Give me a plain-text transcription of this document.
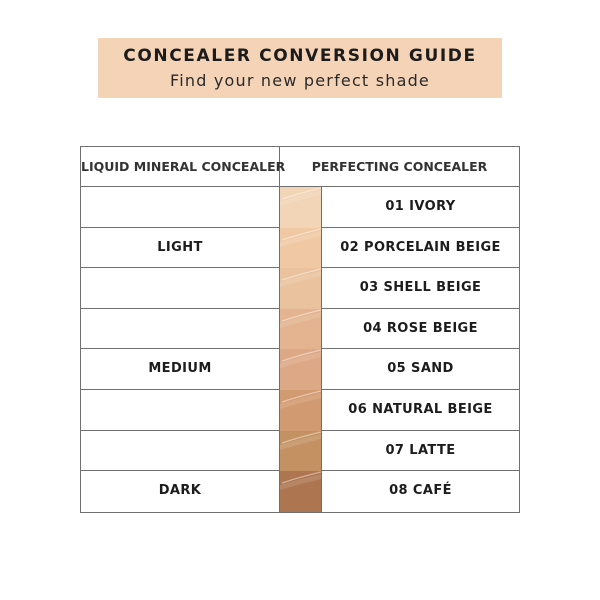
CONCEALER CONVERSION GUIDE
Find your new perfect shade
LIQUID MINERAL CONCEALER	PERFECTING CONCEALER
LIGHT
MEDIUM
DARK
01 IVORY
02 PORCELAIN BEIGE
03 SHELL BEIGE
04 ROSE BEIGE
05 SAND
06 NATURAL BEIGE
07 LATTE
08 CAFÉ
